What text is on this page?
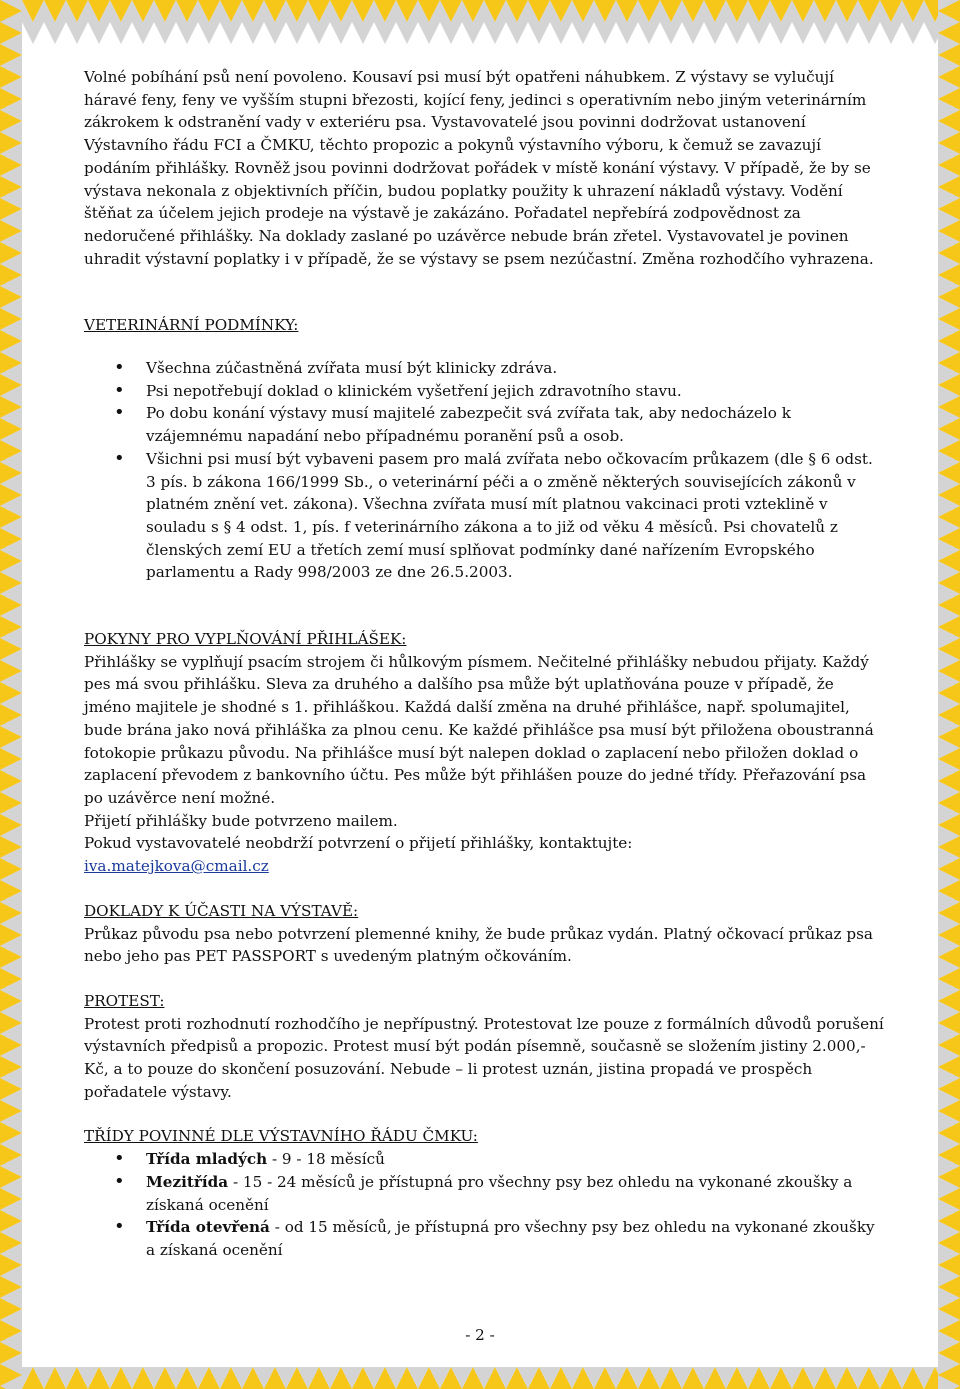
Volné pobíhání psů není povoleno. Kousaví psi musí být opatřeni náhubkem. Z výstavy se vylučují háravé feny, feny ve vyšším stupni březosti, kojící feny, jedinci s operativním nebo jiným veterinárním zákrokem k odstranění vady v exteriéru psa. Vystavovatelé jsou povinni dodržovat ustanovení Výstavního řádu FCI a ČMKU, těchto propozic a pokynů výstavního výboru, k čemuž se zavazují podáním přihlášky. Rovněž jsou povinni dodržovat pořádek v místě konání výstavy. V případě, že by se výstava nekonala z objektivních příčin, budou poplatky použity k uhrazení nákladů výstavy. Vodění štěňat za účelem jejich prodeje na výstavě je zakázáno. Pořadatel nepřebírá zodpovědnost za nedoručené přihlášky. Na doklady zaslané po uzávěrce nebude brán zřetel. Vystavovatel je povinen uhradit výstavní poplatky i v případě, že se výstavy se psem nezúčastní. Změna rozhodčího vyhrazena.

VETERINÁRNÍ PODMÍNKY:

• Všechna zúčastněná zvířata musí být klinicky zdráva.
• Psi nepotřebují doklad o klinickém vyšetření jejich zdravotního stavu.
• Po dobu konání výstavy musí majitelé zabezpečit svá zvířata tak, aby nedocházelo k vzájemnému napadání nebo případnému poranění psů a osob.
• Všichni psi musí být vybaveni pasem pro malá zvířata nebo očkovacím průkazem (dle § 6 odst. 3 pís. b zákona 166/1999 Sb., o veterinární péči a o změně některých souvisejících zákonů v platném znění vet. zákona). Všechna zvířata musí mít platnou vakcinaci proti vzteklině v souladu s § 4 odst. 1, pís. f veterinárního zákona a to již od věku 4 měsíců. Psi chovatelů z členských zemí EU a třetích zemí musí splňovat podmínky dané nařízením Evropského parlamentu a Rady 998/2003 ze dne 26.5.2003.

POKYNY PRO VYPLŇOVÁNÍ PŘIHLÁŠEK:

Přihlášky se vyplňují psacím strojem či hůlkovým písmem. Nečitelné přihlášky nebudou přijaty. Každý pes má svou přihlášku. Sleva za druhého a dalšího psa může být uplatňována pouze v případě, že jméno majitele je shodné s 1. přihláškou. Každá další změna na druhé přihlášce, např. spolumajitel, bude brána jako nová přihláška za plnou cenu. Ke každé přihlášce psa musí být přiložena oboustranná fotokopie průkazu původu. Na přihlášce musí být nalepen doklad o zaplacení nebo přiložen doklad o zaplacení převodem z bankovního účtu. Pes může být přihlášen pouze do jedné třídy. Přeřazování psa po uzávěrce není možné.

Přijetí přihlášky bude potvrzeno mailem.

Pokud vystavovatelé neobdrží potvrzení o přijetí přihlášky, kontaktujte:

iva.matejkova@cmail.cz

DOKLADY K ÚČASTI NA VÝSTAVĚ:

Průkaz původu psa nebo potvrzení plemenné knihy, že bude průkaz vydán. Platný očkovací průkaz psa nebo jeho pas PET PASSPORT s uvedeným platným očkováním.

PROTEST:

Protest proti rozhodnutí rozhodčího je nepřípustný. Protestovat lze pouze z formálních důvodů porušení výstavních předpisů a propozic. Protest musí být podán písemně, současně se složením jistiny 2.000,- Kč, a to pouze do skončení posuzování. Nebude – li protest uznán, jistina propadá ve prospěch pořadatele výstavy.

TŘÍDY POVINNÉ DLE VÝSTAVNÍHO ŘÁDU ČMKU:

• Třída mladých - 9 - 18 měsíců
• Mezitřída - 15 - 24 měsíců je přístupná pro všechny psy bez ohledu na vykonané zkoušky a získaná ocenění
• Třída otevřená - od 15 měsíců, je přístupná pro všechny psy bez ohledu na vykonané zkoušky a získaná ocenění
- 2 -
